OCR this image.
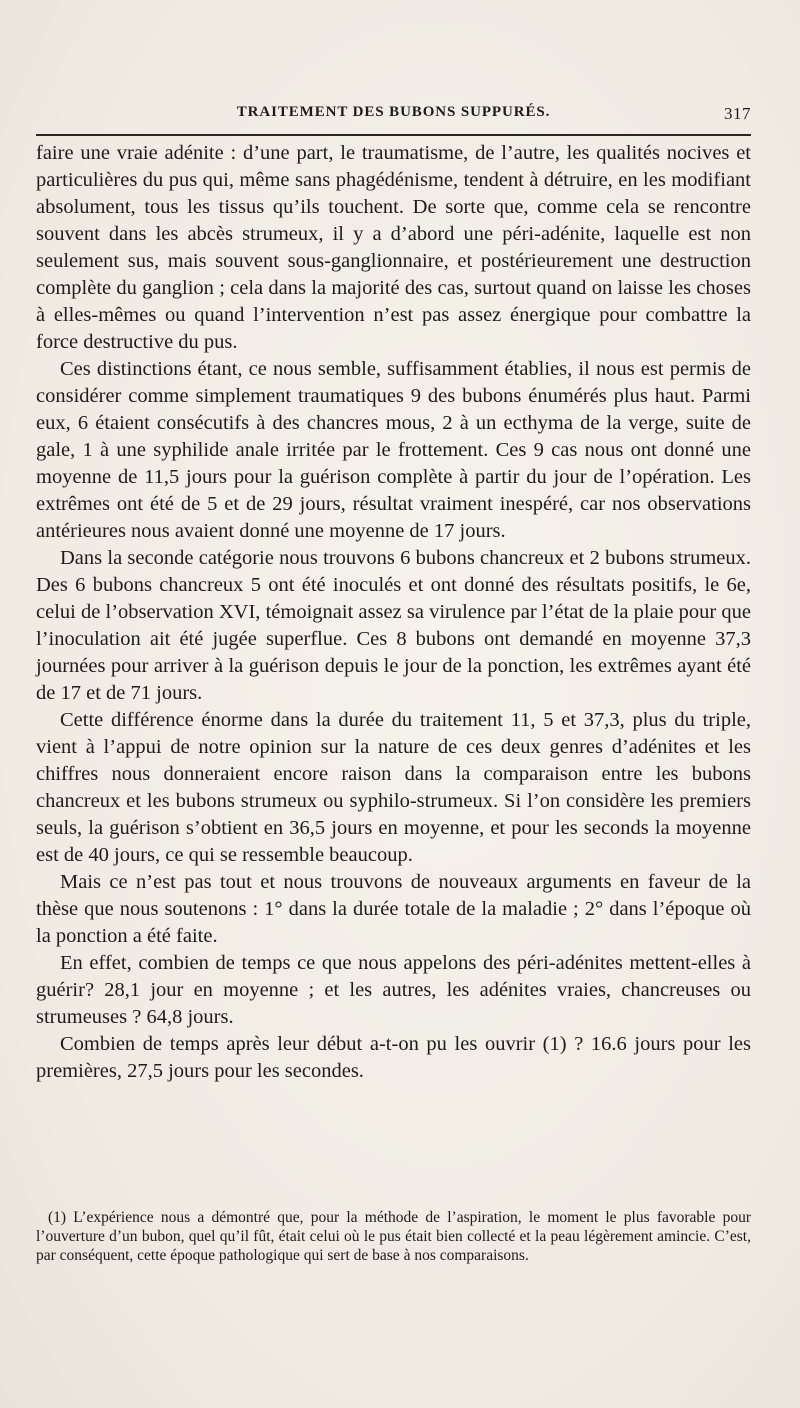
TRAITEMENT DES BUBONS SUPPURÉS.	317

faire une vraie adénite : d’une part, le traumatisme, de l’autre, les qualités nocives et particulières du pus qui, même sans phagédénisme, tendent à détruire, en les modifiant absolument, tous les tissus qu’ils touchent. De sorte que, comme cela se rencontre souvent dans les abcès strumeux, il y a d’abord une péri-adénite, laquelle est non seulement sus, mais souvent sous-ganglionnaire, et postérieurement une destruction complète du ganglion ; cela dans la majorité des cas, surtout quand on laisse les choses à elles-mêmes ou quand l’intervention n’est pas assez énergique pour combattre la force destructive du pus.

Ces distinctions étant, ce nous semble, suffisamment établies, il nous est permis de considérer comme simplement traumatiques 9 des bubons énumérés plus haut. Parmi eux, 6 étaient consécutifs à des chancres mous, 2 à un ecthyma de la verge, suite de gale, 1 à une syphilide anale irritée par le frottement. Ces 9 cas nous ont donné une moyenne de 11,5 jours pour la guérison complète à partir du jour de l’opération. Les extrêmes ont été de 5 et de 29 jours, résultat vraiment inespéré, car nos observations antérieures nous avaient donné une moyenne de 17 jours.

Dans la seconde catégorie nous trouvons 6 bubons chancreux et 2 bubons strumeux. Des 6 bubons chancreux 5 ont été inoculés et ont donné des résultats positifs, le 6e, celui de l’observation XVI, témoignait assez sa virulence par l’état de la plaie pour que l’inoculation ait été jugée superflue. Ces 8 bubons ont demandé en moyenne 37,3 journées pour arriver à la guérison depuis le jour de la ponction, les extrêmes ayant été de 17 et de 71 jours.

Cette différence énorme dans la durée du traitement 11, 5 et 37,3, plus du triple, vient à l’appui de notre opinion sur la nature de ces deux genres d’adénites et les chiffres nous donneraient encore raison dans la comparaison entre les bubons chancreux et les bubons strumeux ou syphilo-strumeux. Si l’on considère les premiers seuls, la guérison s’obtient en 36,5 jours en moyenne, et pour les seconds la moyenne est de 40 jours, ce qui se ressemble beaucoup.

Mais ce n’est pas tout et nous trouvons de nouveaux arguments en faveur de la thèse que nous soutenons : 1° dans la durée totale de la maladie ; 2° dans l’époque où la ponction a été faite.

En effet, combien de temps ce que nous appelons des péri-adénites mettent-elles à guérir? 28,1 jour en moyenne ; et les autres, les adénites vraies, chancreuses ou strumeuses ? 64,8 jours.

Combien de temps après leur début a-t-on pu les ouvrir (1) ? 16.6 jours pour les premières, 27,5 jours pour les secondes.

(1) L’expérience nous a démontré que, pour la méthode de l’aspiration, le moment le plus favorable pour l’ouverture d’un bubon, quel qu’il fût, était celui où le pus était bien collecté et la peau légèrement amincie. C’est, par conséquent, cette époque pathologique qui sert de base à nos comparaisons.
